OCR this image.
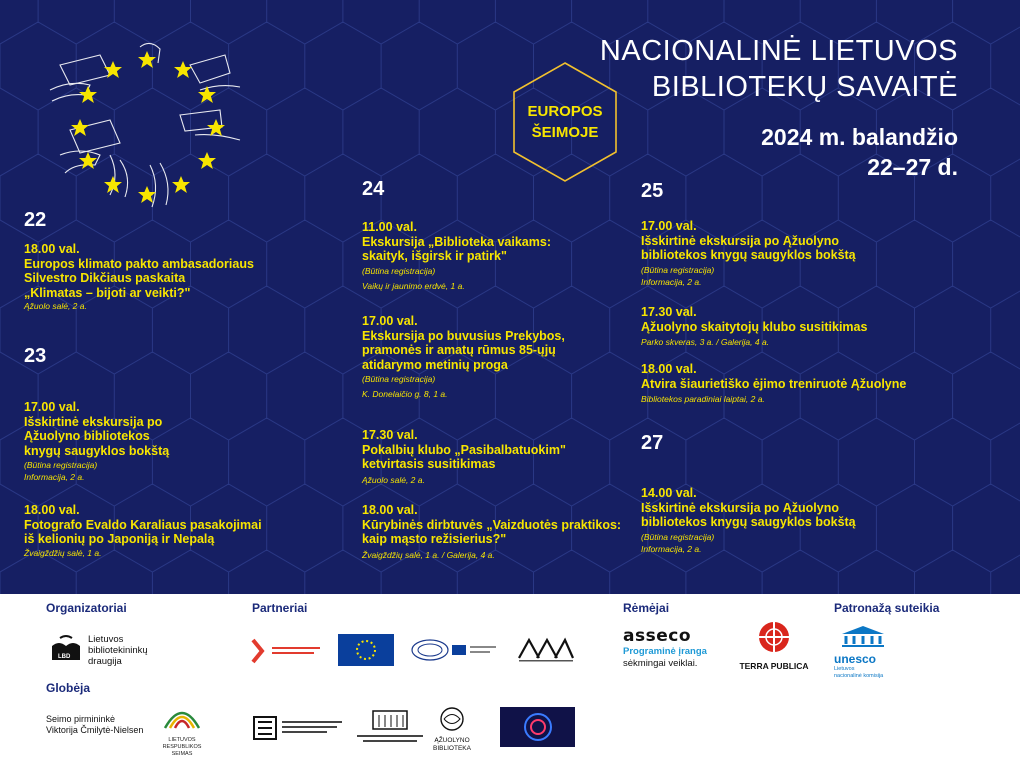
EUROPOS
ŠEIMOJE
NACIONALINĖ LIETUVOS
BIBLIOTEKŲ SAVAITĖ
2024 m. balandžio
22–27 d.
22
23
24	25
27
18.00 val.
Europos klimato pakto ambasadoriaus
Silvestro Dikčiaus paskaita
„Klimatas – bijoti ar veikti?"
Ąžuolo salė, 2 a.
17.00 val.
Išskirtinė ekskursija po
Ąžuolyno bibliotekos
knygų saugyklos bokštą
(Būtina registracija)
Informacija, 2 a.
18.00 val.
Fotografo Evaldo Karaliaus pasakojimai
iš kelionių po Japoniją ir Nepalą
Žvaigždžių salė, 1 a.
11.00 val.
Ekskursija „Biblioteka vaikams:
skaityk, išgirsk ir patirk"
(Būtina registracija)
Vaikų ir jaunimo erdvė, 1 a.
17.00 val.
Ekskursija po buvusius Prekybos,
pramonės ir amatų rūmus 85-ųjų
atidarymo metinių proga
(Būtina registracija)
K. Donelaičio g. 8, 1 a.
17.30 val.
Pokalbių klubo „Pasibalbatuokim"
ketvirtasis susitikimas
Ąžuolo salė, 2 a.
18.00 val.
Kūrybinės dirbtuvės „Vaizduotės praktikos:
kaip mąsto režisierius?"
Žvaigždžių salė, 1 a. / Galerija, 4 a.
17.00 val.
Išskirtinė ekskursija po Ąžuolyno
bibliotekos knygų saugyklos bokštą
(Būtina registracija)
Informacija, 2 a.
17.30 val.
Ąžuolyno skaitytojų klubo susitikimas
Parko skveras, 3 a. / Galerija, 4 a.
18.00 val.
Atvira šiaurietiško ėjimo treniruotė Ąžuolyne
Bibliotekos paradiniai laiptai, 2 a.
14.00 val.
Išskirtinė ekskursija po Ąžuolyno
bibliotekos knygų saugyklos bokštą
(Būtina registracija)
Informacija, 2 a.
Organizatoriai	Partneriai	Rėmėjai	Patronažą suteikia
Globėja
LBD
Lietuvos
bibliotekininkų
draugija
ĄŽUOLYNO
BIBLIOTEKA
asseco
Programinė įranga
sėkmingai veiklai.	TERRA PUBLICA unesco
Lietuvos
nacionalinė komisija
Seimo pirmininkė
Viktorija Čmilytė-Nielsen
LIETUVOS RESPUBLIKOS
SEIMAS
